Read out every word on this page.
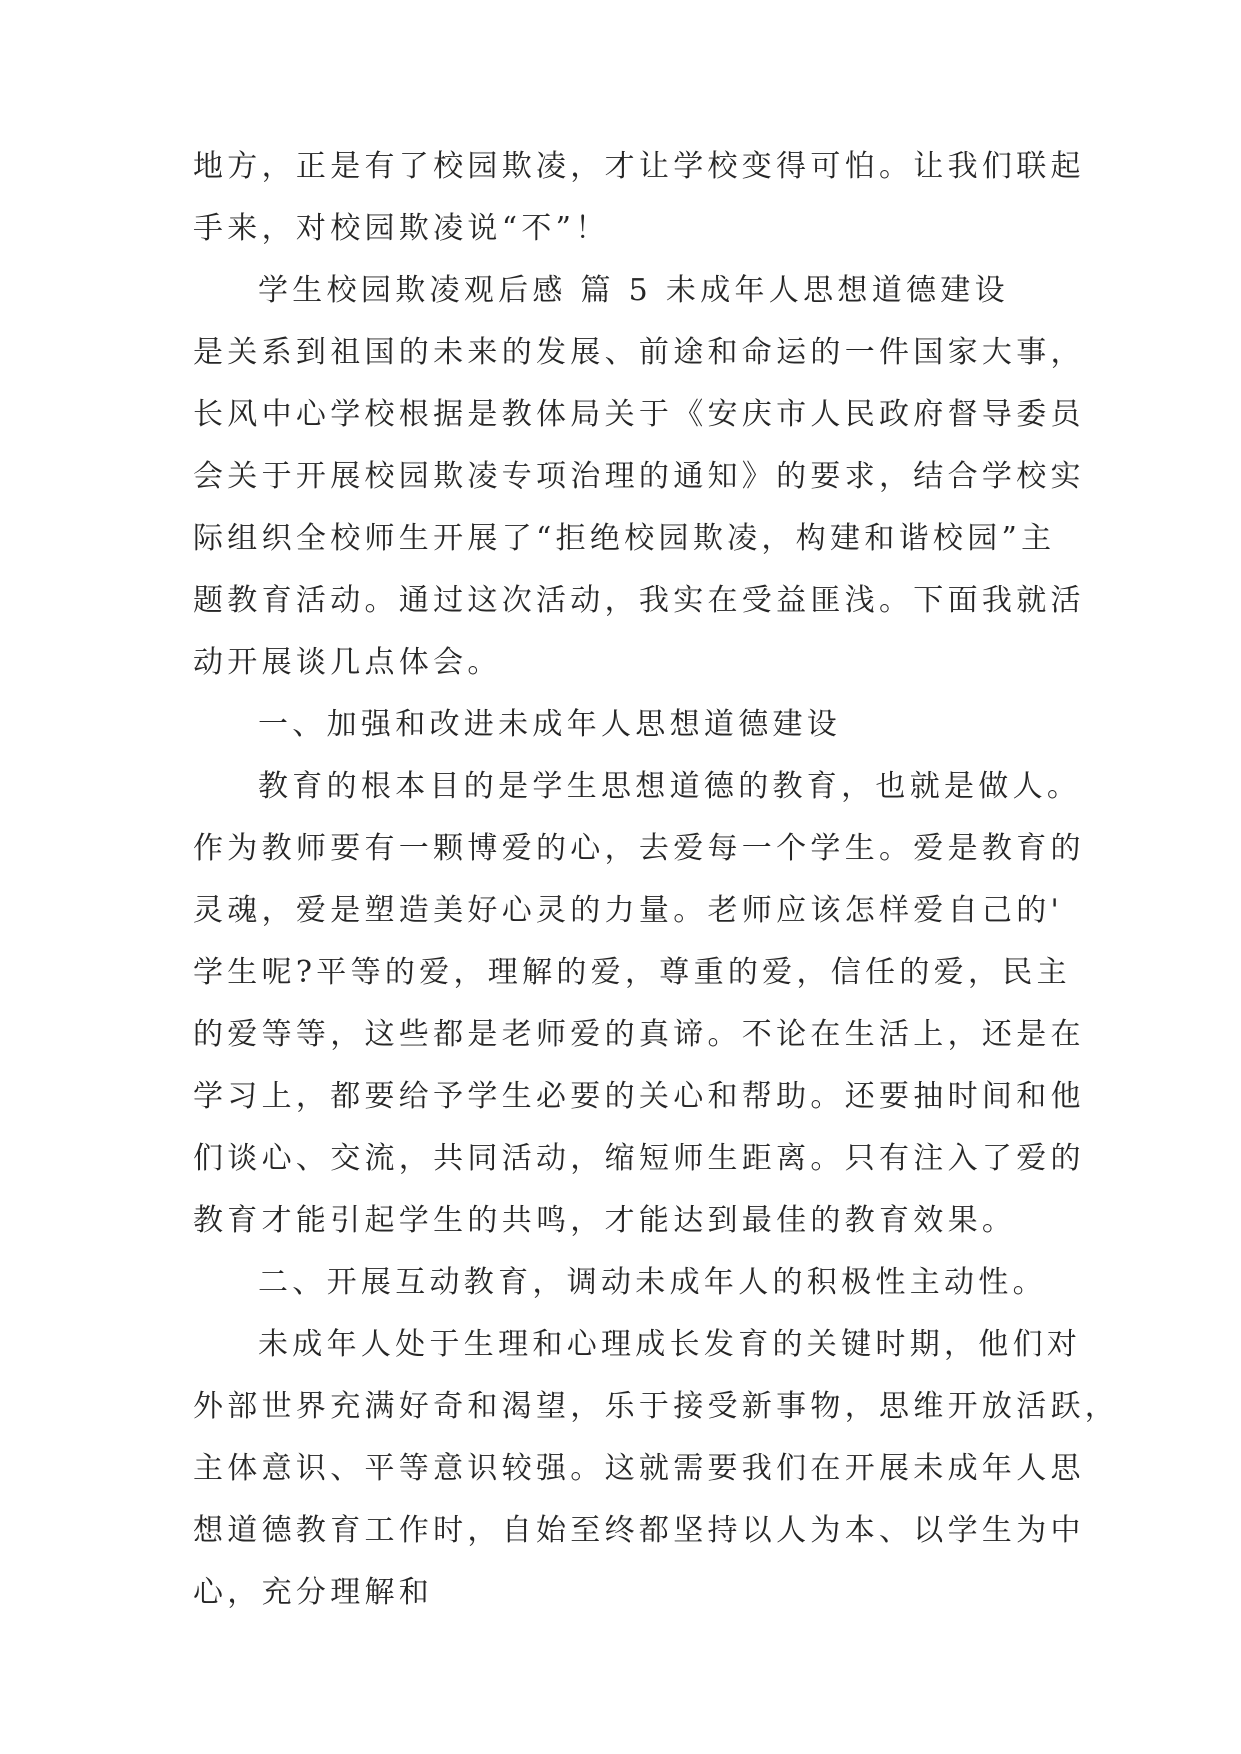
地方，正是有了校园欺凌，才让学校变得可怕。让我们联起
手来，对校园欺凌说“不”！
学生校园欺凌观后感 篇 5 未成年人思想道德建设
是关系到祖国的未来的发展、前途和命运的一件国家大事，
长风中心学校根据是教体局关于《安庆市人民政府督导委员
会关于开展校园欺凌专项治理的通知》的要求，结合学校实
际组织全校师生开展了“拒绝校园欺凌，构建和谐校园”主
题教育活动。通过这次活动，我实在受益匪浅。下面我就活
动开展谈几点体会。
一、加强和改进未成年人思想道德建设
教育的根本目的是学生思想道德的教育，也就是做人。
作为教师要有一颗博爱的心，去爱每一个学生。爱是教育的
灵魂，爱是塑造美好心灵的力量。老师应该怎样爱自己的'
学生呢?平等的爱，理解的爱，尊重的爱，信任的爱，民主
的爱等等，这些都是老师爱的真谛。不论在生活上，还是在
学习上，都要给予学生必要的关心和帮助。还要抽时间和他
们谈心、交流，共同活动，缩短师生距离。只有注入了爱的
教育才能引起学生的共鸣，才能达到最佳的教育效果。
二、开展互动教育，调动未成年人的积极性主动性。
未成年人处于生理和心理成长发育的关键时期，他们对
外部世界充满好奇和渴望，乐于接受新事物，思维开放活跃，
主体意识、平等意识较强。这就需要我们在开展未成年人思
想道德教育工作时，自始至终都坚持以人为本、以学生为中
心，充分理解和
